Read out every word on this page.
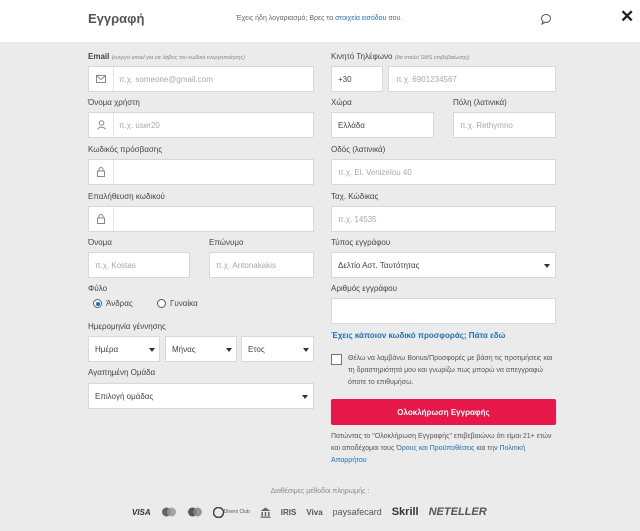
Εγγραφή	Έχεις ήδη λογαριασμό; Βρες τα στοιχεία εισόδου σου.	✕
Email (ενεργό email για να λάβεις τον κωδικό ενεργοποίησης)
π.χ. someone@gmail.com
Όνομα χρήστη
π.χ. user20
Κωδικός πρόσβασης
Επαλήθευση κωδικού
Όνομα
π.χ. Kostas
Επώνυμο
π.χ. Antonakakis
Φύλο
Άνδρας	Γυναίκα
Ημερομηνία γέννησης
Ημέρα	Μήνας	Ετος
Αγαπημένη Ομάδα
Επιλογή ομάδας
Κινητό Τηλέφωνο (θα σταλεί SMS επιβεβαίωσης)
+30	π.χ. 6901234567
Χώρα
Ελλάδα
Πόλη (λατινικά)
π.χ. Rethymno
Οδός (λατινικά)
π.χ. El. Venizelou 40
Ταχ. Κώδικας
π.χ. 14535
Τύπος εγγράφου
Δελτίο Αστ. Ταυτότητας
Αριθμός εγγράφου
Έχεις κάποιον κωδικό προσφοράς; Πάτα εδώ
Θέλω να λαμβάνω Bonus/Προσφορές με βάση τις προτιμήσεις και τη δραστηριότητά μου και γνωρίζω πως μπορώ να απεγγραφώ όποτε το επιθυμήσω.
Ολοκλήρωση Εγγραφής
Πατώντας το "Ολοκλήρωση Εγγραφής" επιβεβαιώνω ότι είμαι 21+ ετών και αποδέχομαι τους Όρους και Προϋποθέσεις και την Πολιτική Απορρήτου
Διαθέσιμες μέθοδοι πληρωμής :
VISA	Diners Club	IRIS Viva paysafecard Skrill NETELLER
